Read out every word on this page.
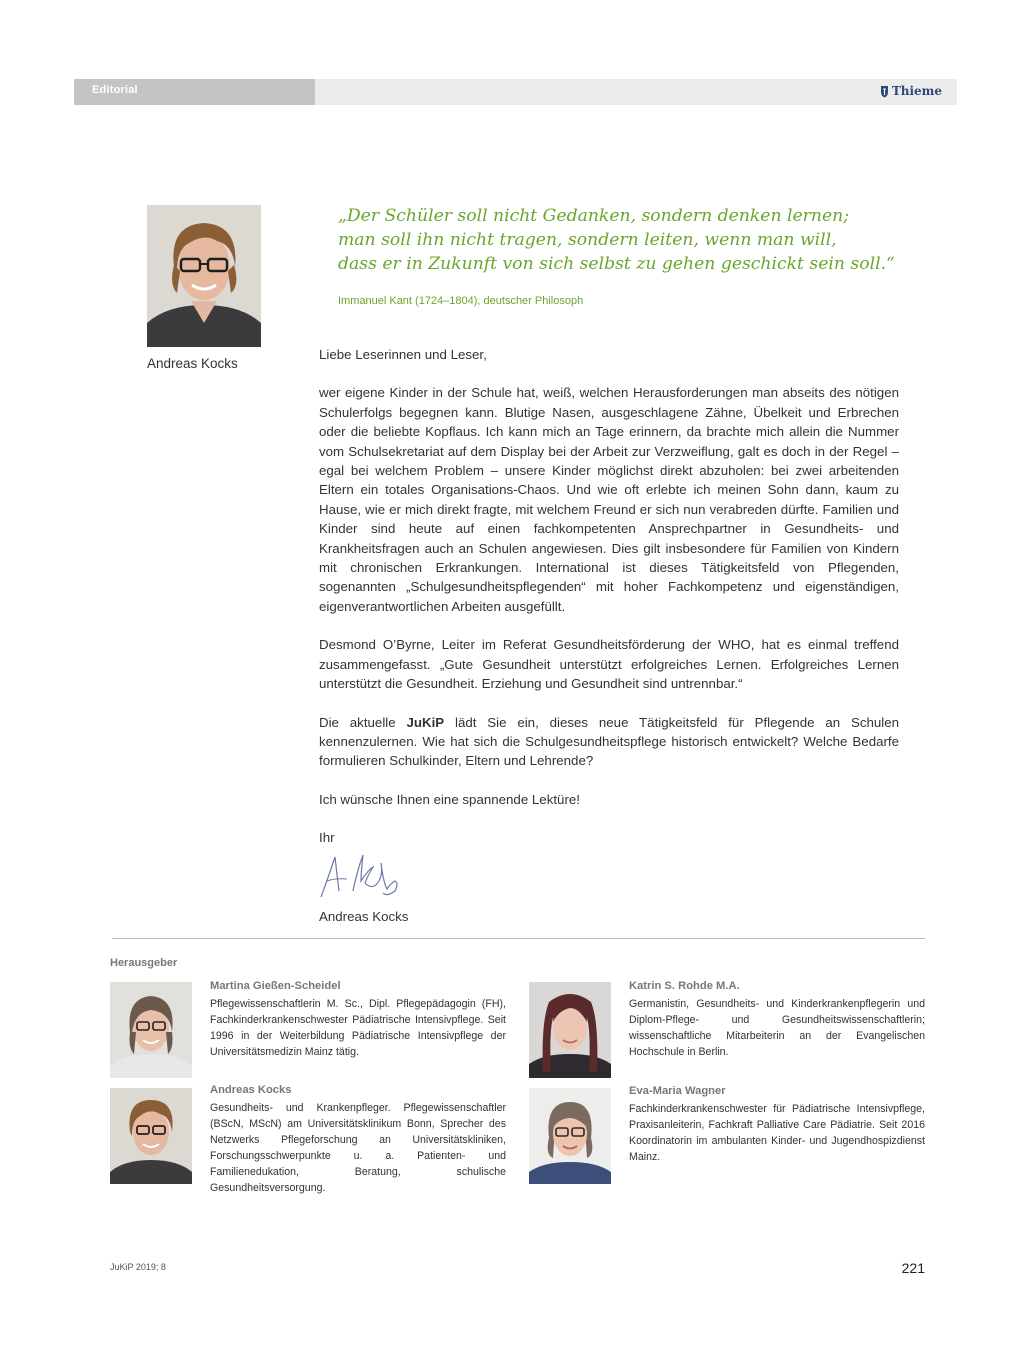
Editorial	Thieme
Andreas Kocks

„Der Schüler soll nicht Gedanken, sondern denken lernen;
man soll ihn nicht tragen, sondern leiten, wenn man will,
dass er in Zukunft von sich selbst zu gehen geschickt sein soll.“

Immanuel Kant (1724–1804), deutscher Philosoph

Liebe Leserinnen und Leser,

wer eigene Kinder in der Schule hat, weiß, welchen Herausforderungen man abseits des nötigen Schulerfolgs begegnen kann. Blutige Nasen, ausgeschlagene Zähne, Übelkeit und Erbrechen oder die beliebte Kopflaus. Ich kann mich an Tage erinnern, da brachte mich allein die Nummer vom Schulsekretariat auf dem Display bei der Arbeit zur Verzweiflung, galt es doch in der Regel – egal bei welchem Problem – unsere Kinder möglichst direkt abzuholen: bei zwei arbeitenden Eltern ein totales Organisations-Chaos. Und wie oft erlebte ich meinen Sohn dann, kaum zu Hause, wie er mich direkt fragte, mit welchem Freund er sich nun verabreden dürfte. Familien und Kinder sind heute auf einen fachkompetenten Ansprechpartner in Gesundheits- und Krankheitsfragen auch an Schulen angewiesen. Dies gilt insbesondere für Familien von Kindern mit chronischen Erkrankungen. International ist dieses Tätigkeitsfeld von Pflegenden, sogenannten „Schulgesundheitspflegenden“ mit hoher Fachkompetenz und eigenständigen, eigenverantwortlichen Arbeiten ausgefüllt.

Desmond O’Byrne, Leiter im Referat Gesundheitsförderung der WHO, hat es einmal treffend zusammengefasst. „Gute Gesundheit unterstützt erfolgreiches Lernen. Erfolgreiches Lernen unterstützt die Gesundheit. Erziehung und Gesundheit sind untrennbar.“

Die aktuelle JuKiP lädt Sie ein, dieses neue Tätigkeitsfeld für Pflegende an Schulen kennenzulernen. Wie hat sich die Schulgesundheitspflege historisch entwickelt? Welche Bedarfe formulieren Schulkinder, Eltern und Lehrende?

Ich wünsche Ihnen eine spannende Lektüre!

Ihr

Andreas Kocks

Herausgeber
Martina Gießen-Scheidel
Pflegewissenschaftlerin M. Sc., Dipl. Pflegepädagogin (FH), Fachkinderkrankenschwester Pädiatrische Intensivpflege. Seit 1996 in der Weiterbildung Pädiatrische Intensivpflege der Universitätsmedizin Mainz tätig.
Katrin S. Rohde M.A.
Germanistin, Gesundheits- und Kinderkrankenpflegerin und Diplom-Pflege- und Gesundheitswissenschaftlerin; wissenschaftliche Mitarbeiterin an der Evangelischen Hochschule in Berlin.
Andreas Kocks
Gesundheits- und Krankenpfleger. Pflegewissenschaftler (BScN, MScN) am Universitätsklinikum Bonn, Sprecher des Netzwerks Pflegeforschung an Universitätskliniken, Forschungsschwerpunkte u. a. Patienten- und Familienedukation, Beratung, schulische Gesundheitsversorgung.
Eva-Maria Wagner
Fachkinderkrankenschwester für Pädiatrische Intensivpflege, Praxisanleiterin, Fachkraft Palliative Care Pädiatrie. Seit 2016 Koordinatorin im ambulanten Kinder- und Jugendhospizdienst Mainz.
JuKiP 2019; 8	221
